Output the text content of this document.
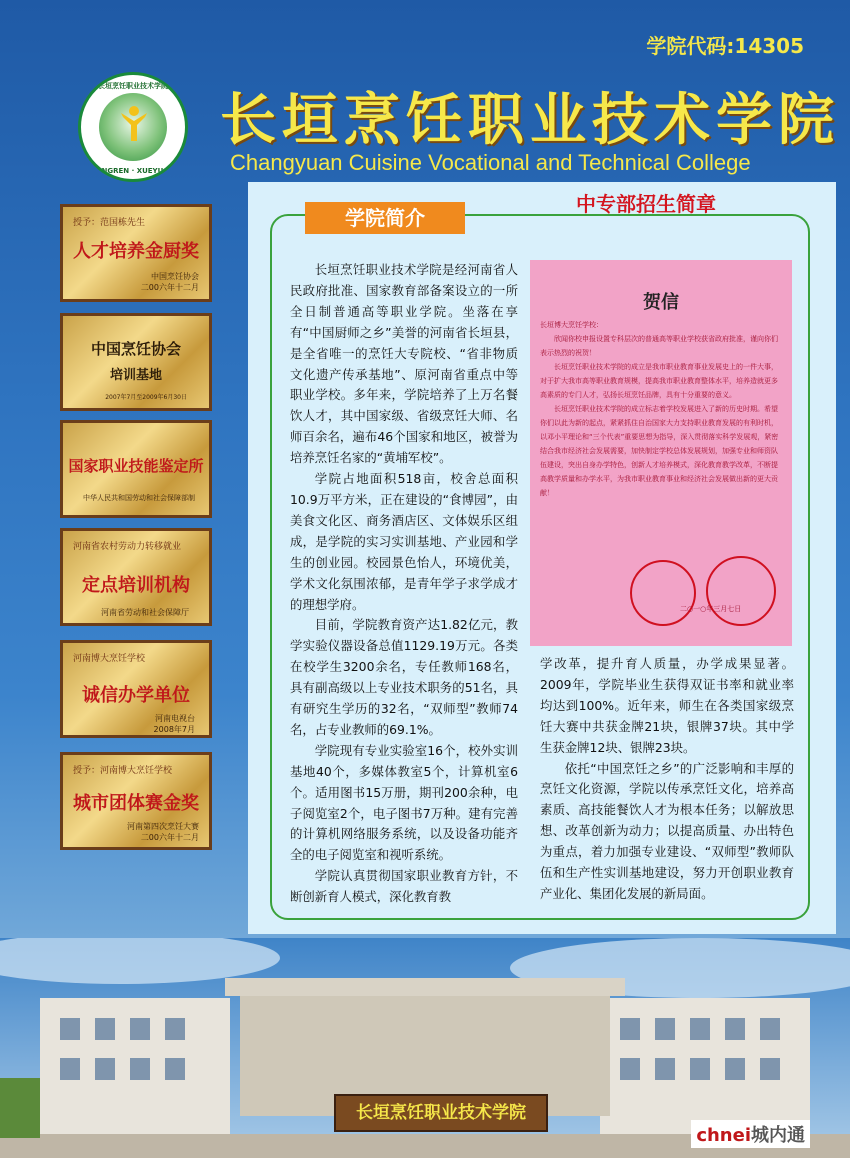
学院代码:14305
长垣烹饪职业技术学院
PENGREN · XUEYUAN
长垣烹饪职业技术学院
Changyuan Cuisine Vocational and Technical College
授予：范国栋先生
人才培养金厨奖
中国烹饪协会
二00六年十二月
中国烹饪协会
培训基地
2007年7月至2009年6月30日
国家职业技能鉴定所
中华人民共和国劳动和社会保障部制
河南省农村劳动力转移就业
定点培训机构
河南省劳动和社会保障厅
河南博大烹饪学校
诚信办学单位
河南电视台
2008年7月
授予：河南博大烹饪学校
城市团体赛金奖
河南第四次烹饪大赛
二00六年十二月
中专部招生简章
学院简介

长垣烹饪职业技术学院是经河南省人民政府批准、国家教育部备案设立的一所全日制普通高等职业学院。坐落在享有“中国厨师之乡”美誉的河南省长垣县，是全省唯一的烹饪大专院校、“省非物质文化遗产传承基地”、原河南省重点中等职业学校。多年来，学院培养了上万名餐饮人才，其中国家级、省级烹饪大师、名师百余名，遍布46个国家和地区，被誉为培养烹饪名家的“黄埔军校”。

学院占地面积518亩，校舍总面积10.9万平方米，正在建设的“食博园”，由美食文化区、商务酒店区、文体娱乐区组成，是学院的实习实训基地、产业园和学生的创业园。校园景色怡人，环境优美，学术文化氛围浓郁，是青年学子求学成才的理想学府。

目前，学院教育资产达1.82亿元，教学实验仪器设备总值1129.19万元。各类在校学生3200余名，专任教师168名，具有副高级以上专业技术职务的51名，具有研究生学历的32名，“双师型”教师74名，占专业教师的69.1%。

学院现有专业实验室16个，校外实训基地40个，多媒体教室5个，计算机室6个。适用图书15万册，期刊200余种，电子阅览室2个，电子图书7万种。建有完善的计算机网络服务系统，以及设备功能齐全的电子阅览室和视听系统。

学院认真贯彻国家职业教育方针，不断创新育人模式，深化教育教

贺信

长垣博大烹饪学校：

欣闻你校申报设置专科层次的普通高等职业学校获省政府批准，谨向你们表示热烈的祝贺！

长垣烹饪职业技术学院的成立是我市职业教育事业发展史上的一件大事，对于扩大我市高等职业教育规模，提高我市职业教育整体水平，培养造就更多高素质的专门人才，弘扬长垣烹饪品牌，具有十分重要的意义。

长垣烹饪职业技术学院的成立标志着学校发展进入了新的历史时期。希望你们以此为新的起点，紧紧抓住自治国家大力支持职业教育发展的有利时机，以邓小平理论和“三个代表”重要思想为指导，深入贯彻落实科学发展观，紧密结合我市经济社会发展需要，加快制定学校总体发展规划，加强专业和师资队伍建设，突出自身办学特色，创新人才培养模式，深化教育教学改革，不断提高教学质量和办学水平，为我市职业教育事业和经济社会发展做出新的更大贡献！

二○一○年三月七日
学改革，提升育人质量，办学成果显著。2009年，学院毕业生获得双证书率和就业率均达到100%。近年来，师生在各类国家级烹饪大赛中共获金牌21块，银牌37块。其中学生获金牌12块、银牌23块。

依托“中国烹饪之乡”的广泛影响和丰厚的烹饪文化资源，学院以传承烹饪文化，培养高素质、高技能餐饮人才为根本任务；以解放思想、改革创新为动力；以提高质量、办出特色为重点，着力加强专业建设、“双师型”教师队伍和生产性实训基地建设，努力开创职业教育产业化、集团化发展的新局面。

长垣烹饪职业技术学院
chnei城内通
